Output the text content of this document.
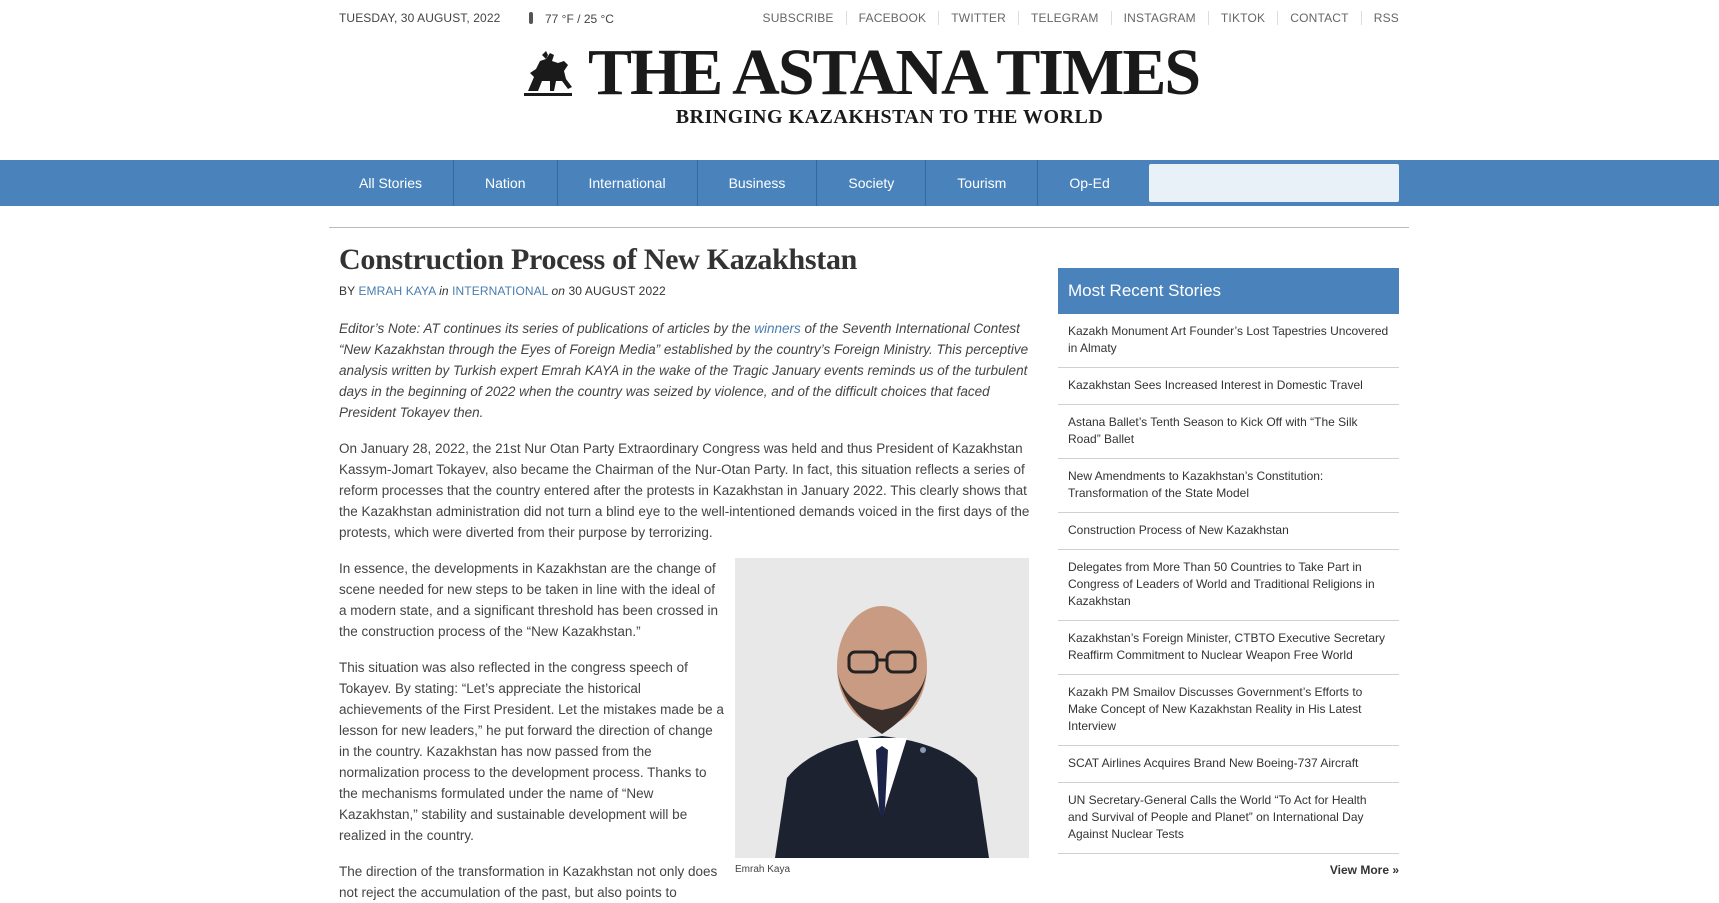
TUESDAY, 30 AUGUST, 2022	77 °F / 25 °C	SUBSCRIBE	FACEBOOK	TWITTER	TELEGRAM	INSTAGRAM	TIKTOK	CONTACT	RSS
THE ASTANA TIMES
BRINGING KAZAKHSTAN TO THE WORLD
All Stories	Nation	International	Business	Society	Tourism	Op-Ed
Construction Process of New Kazakhstan
BY EMRAH KAYA in INTERNATIONAL on 30 AUGUST 2022

Editor’s Note: AT continues its series of publications of articles by the winners of the Seventh International Contest “New Kazakhstan through the Eyes of Foreign Media” established by the country’s Foreign Ministry. This perceptive analysis written by Turkish expert Emrah KAYA in the wake of the Tragic January events reminds us of the turbulent days in the beginning of 2022 when the country was seized by violence, and of the difficult choices that faced President Tokayev then.

On January 28, 2022, the 21st Nur Otan Party Extraordinary Congress was held and thus President of Kazakhstan Kassym-Jomart Tokayev, also became the Chairman of the Nur-Otan Party. In fact, this situation reflects a series of reform processes that the country entered after the protests in Kazakhstan in January 2022. This clearly shows that the Kazakhstan administration did not turn a blind eye to the well-intentioned demands voiced in the first days of the protests, which were diverted from their purpose by terrorizing.

In essence, the developments in Kazakhstan are the change of scene needed for new steps to be taken in line with the ideal of a modern state, and a significant threshold has been crossed in the construction process of the “New Kazakhstan.”

This situation was also reflected in the congress speech of Tokayev. By stating: “Let’s appreciate the historical achievements of the First President. Let the mistakes made be a lesson for new leaders,” he put forward the direction of change in the country. Kazakhstan has now passed from the normalization process to the development process. Thanks to the mechanisms formulated under the name of “New Kazakhstan,” stability and sustainable development will be realized in the country.

The direction of the transformation in Kazakhstan not only does not reject the accumulation of the past, but also points to

Emrah Kaya
Most Recent Stories
Kazakh Monument Art Founder’s Lost Tapestries Uncovered in Almaty
Kazakhstan Sees Increased Interest in Domestic Travel
Astana Ballet’s Tenth Season to Kick Off with “The Silk Road” Ballet
New Amendments to Kazakhstan’s Constitution: Transformation of the State Model
Construction Process of New Kazakhstan
Delegates from More Than 50 Countries to Take Part in Congress of Leaders of World and Traditional Religions in Kazakhstan
Kazakhstan’s Foreign Minister, CTBTO Executive Secretary Reaffirm Commitment to Nuclear Weapon Free World
Kazakh PM Smailov Discusses Government’s Efforts to Make Concept of New Kazakhstan Reality in His Latest Interview
SCAT Airlines Acquires Brand New Boeing-737 Aircraft
UN Secretary-General Calls the World “To Act for Health and Survival of People and Planet” on International Day Against Nuclear Tests
View More »
